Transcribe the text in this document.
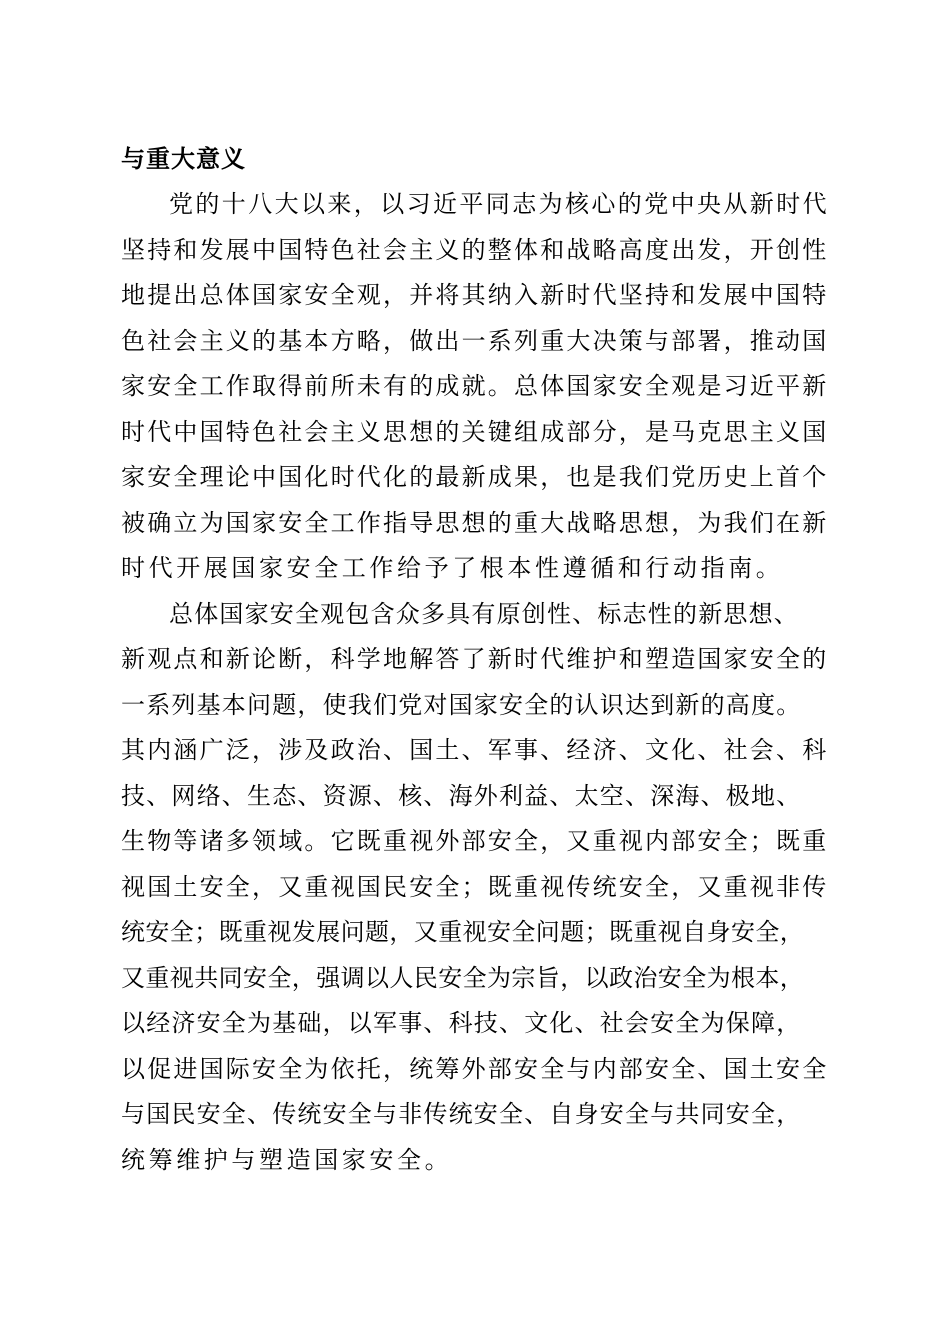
与重大意义
党的十八大以来，以习近平同志为核心的党中央从新时代
坚持和发展中国特色社会主义的整体和战略高度出发，开创性
地提出总体国家安全观，并将其纳入新时代坚持和发展中国特
色社会主义的基本方略，做出一系列重大决策与部署，推动国
家安全工作取得前所未有的成就。总体国家安全观是习近平新
时代中国特色社会主义思想的关键组成部分，是马克思主义国
家安全理论中国化时代化的最新成果，也是我们党历史上首个
被确立为国家安全工作指导思想的重大战略思想，为我们在新
时代开展国家安全工作给予了根本性遵循和行动指南。
总体国家安全观包含众多具有原创性、标志性的新思想、
新观点和新论断，科学地解答了新时代维护和塑造国家安全的
一系列基本问题，使我们党对国家安全的认识达到新的高度。
其内涵广泛，涉及政治、国土、军事、经济、文化、社会、科
技、网络、生态、资源、核、海外利益、太空、深海、极地、
生物等诸多领域。它既重视外部安全，又重视内部安全；既重
视国土安全，又重视国民安全；既重视传统安全，又重视非传
统安全；既重视发展问题，又重视安全问题；既重视自身安全，
又重视共同安全，强调以人民安全为宗旨，以政治安全为根本，
以经济安全为基础，以军事、科技、文化、社会安全为保障，
以促进国际安全为依托，统筹外部安全与内部安全、国土安全
与国民安全、传统安全与非传统安全、自身安全与共同安全，
统筹维护与塑造国家安全。
